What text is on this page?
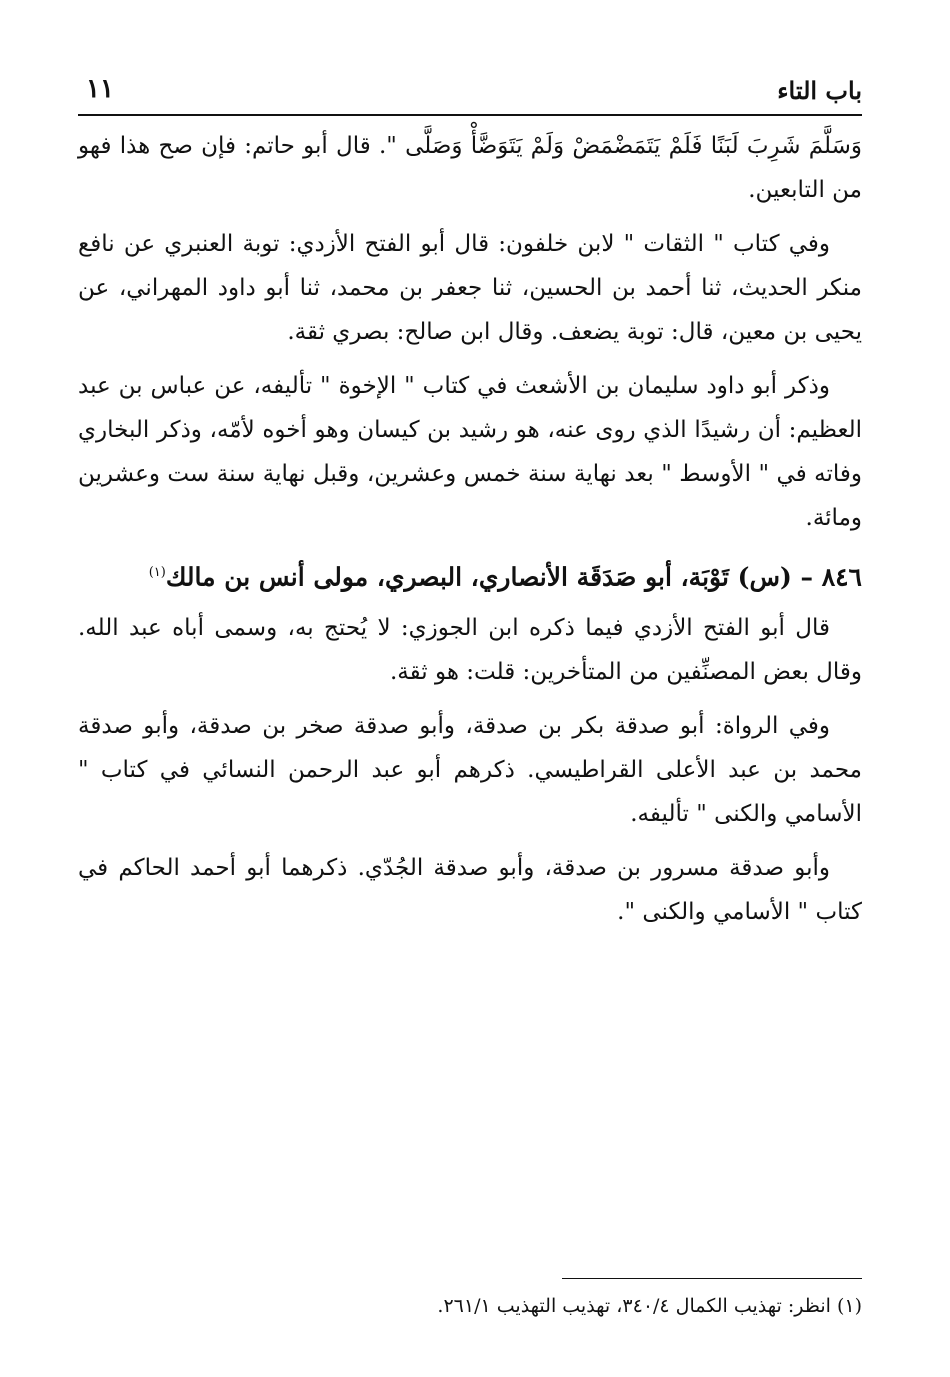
باب التاء
١١

وَسَلَّمَ شَرِبَ لَبَنًا فَلَمْ يَتَمَضْمَضْ وَلَمْ يَتَوَضَّأْ وَصَلَّى ". قال أبو حاتم: فإن صح هذا فهو من التابعين.

وفي كتاب " الثقات " لابن خلفون: قال أبو الفتح الأزدي: توبة العنبري عن نافع منكر الحديث، ثنا أحمد بن الحسين، ثنا جعفر بن محمد، ثنا أبو داود المهراني، عن يحيى بن معين، قال: توبة يضعف. وقال ابن صالح: بصري ثقة.

وذكر أبو داود سليمان بن الأشعث في كتاب " الإخوة " تأليفه، عن عباس بن عبد العظيم: أن رشيدًا الذي روى عنه، هو رشيد بن كيسان وهو أخوه لأمّه، وذكر البخاري وفاته في " الأوسط " بعد نهاية سنة خمس وعشرين، وقبل نهاية سنة ست وعشرين ومائة.

٨٤٦ – (س) تَوْبَة، أبو صَدَقَة الأنصاري، البصري، مولى أنس بن مالك$^{(١)}$

قال أبو الفتح الأزدي فيما ذكره ابن الجوزي: لا يُحتج به، وسمى أباه عبد الله. وقال بعض المصنِّفين من المتأخرين: قلت: هو ثقة.

وفي الرواة: أبو صدقة بكر بن صدقة، وأبو صدقة صخر بن صدقة، وأبو صدقة محمد بن عبد الأعلى القراطيسي. ذكرهم أبو عبد الرحمن النسائي في كتاب " الأسامي والكنى " تأليفه.

وأبو صدقة مسرور بن صدقة، وأبو صدقة الجُدّي. ذكرهما أبو أحمد الحاكم في كتاب " الأسامي والكنى ".

(١) انظر: تهذيب الكمال ٣٤٠/٤، تهذيب التهذيب ٢٦١/١.
